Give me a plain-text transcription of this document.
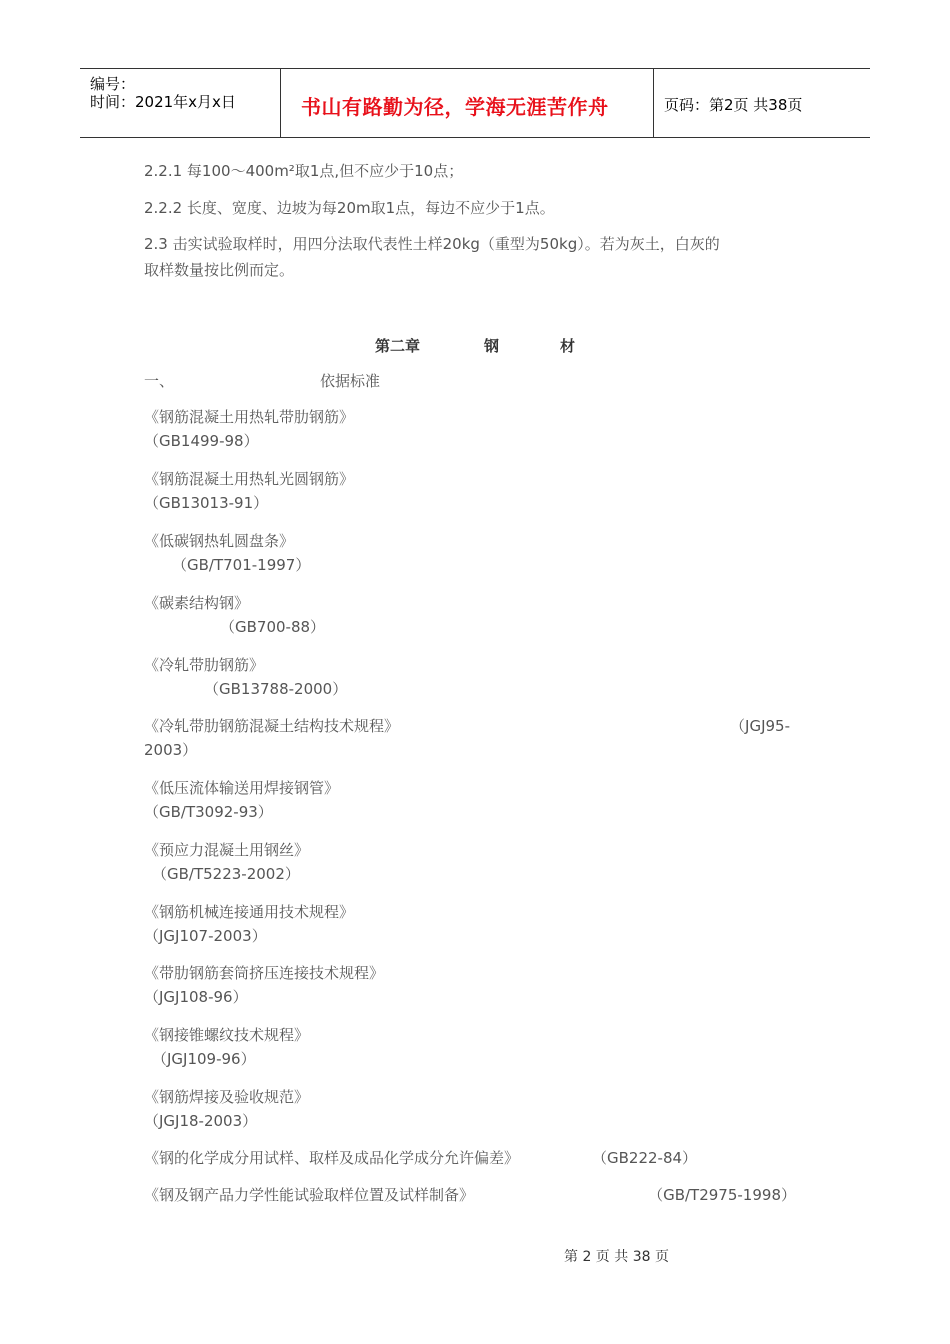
编号：
时间：2021年x月x日	书山有路勤为径，学海无涯苦作舟	页码：第2页 共38页
2.2.1 每100～400m²取1点,但不应少于10点；
2.2.2 长度、宽度、边坡为每20m取1点，每边不应少于1点。
2.3 击实试验取样时，用四分法取代表性土样20kg（重型为50kg）。若为灰土，白灰的
取样数量按比例而定。
第二章	钢	材
一、	依据标准
《钢筋混凝土用热轧带肋钢筋》
（GB1499-98）
《钢筋混凝土用热轧光圆钢筋》
（GB13013-91）
《低碳钢热轧圆盘条》
（GB/T701-1997）
《碳素结构钢》
（GB700-88）
《冷轧带肋钢筋》
（GB13788-2000）
《冷轧带肋钢筋混凝土结构技术规程》	（JGJ95-
2003）
《低压流体输送用焊接钢管》
（GB/T3092-93）
《预应力混凝土用钢丝》
（GB/T5223-2002）
《钢筋机械连接通用技术规程》
（JGJ107-2003）
《带肋钢筋套筒挤压连接技术规程》
（JGJ108-96）
《钢接锥螺纹技术规程》
（JGJ109-96）
《钢筋焊接及验收规范》
（JGJ18-2003）
《钢的化学成分用试样、取样及成品化学成分允许偏差》	（GB222-84）
《钢及钢产品力学性能试验取样位置及试样制备》	（GB/T2975-1998）
第 2 页 共 38 页
